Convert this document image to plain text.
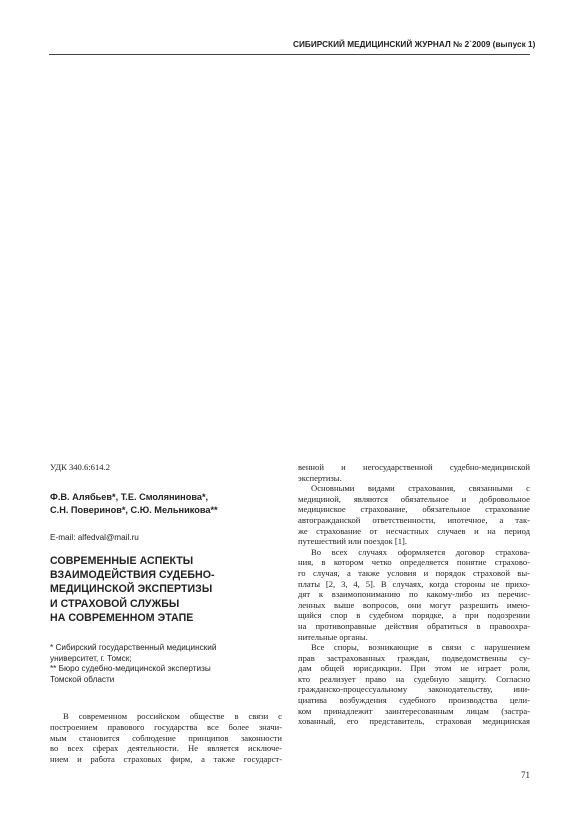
СИБИРСКИЙ МЕДИЦИНСКИЙ ЖУРНАЛ № 2`2009 (выпуск 1)
УДК 340.6:614.2
Ф.В. Алябьев*, Т.Е. Смолянинова*,
С.Н. Поверинов*, С.Ю. Мельникова**
E-mail: alfedval@mail.ru
СОВРЕМЕННЫЕ АСПЕКТЫ
ВЗАИМОДЕЙСТВИЯ СУДЕБНО-
МЕДИЦИНСКОЙ ЭКСПЕРТИЗЫ
И СТРАХОВОЙ СЛУЖБЫ
НА СОВРЕМЕННОМ ЭТАПЕ
* Сибирский государственный медицинский
университет, г. Томск;
** Бюро судебно-медицинской экспертизы
Томской области
В современном российском обществе в связи с
построением правового государства все более значи-
мым становится соблюдение принципов законности
во всех сферах деятельности. Не является исключе-
нием и работа страховых фирм, а также государст-
венной и негосударственной судебно-медицинской
экспертизы.
Основными видами страхования, связанными с
медициной, являются обязательное и добровольное
медицинское страхование, обязательное страхование
автогражданской ответственности, ипотечное, а так-
же страхование от несчастных случаев и на период
путешествий или поездок [1].
Во всех случаях оформляется договор страхова-
ния, в котором четко определяется понятие страхово-
го случая, а также условия и порядок страховой вы-
платы [2, 3, 4, 5]. В случаях, когда стороны не прихо-
дят к взаимопониманию по какому-либо из перечис-
ленных выше вопросов, они могут разрешить имею-
щийся спор в судебном порядке, а при подозрении
на противоправные действия обратиться в правоохра-
нительные органы.
Все споры, возникающие в связи с нарушением
прав застрахованных граждан, подведомственны су-
дам общей юрисдикции. При этом не играет роли,
кто реализует право на судебную защиту. Согласно
гражданско-процессуальному законодательству, ини-
циатива возбуждения судебного производства цели-
ком принадлежит заинтересованным лицам (застра-
хованный, его представитель, страховая медицинская
71
